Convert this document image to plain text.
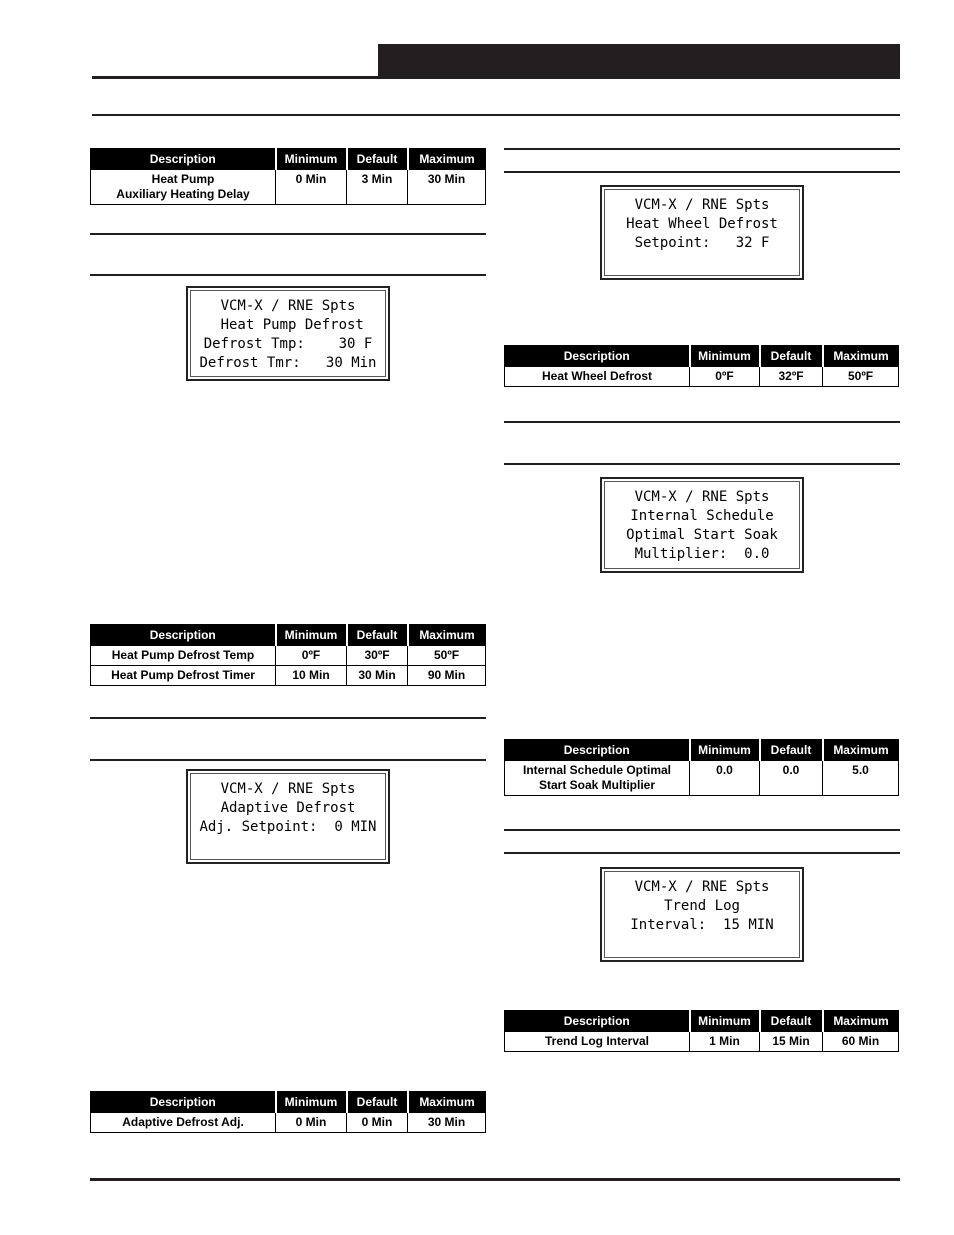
Description	Minimum	Default	Maximum

Heat Pump
Auxiliary Heating Delay	0 Min	3 Min	30 Min
VCM-X / RNE Spts
Heat Pump Defrost
Defrost Tmp:    30 F
Defrost Tmr:   30 Min
Description	Minimum	Default	Maximum

Heat Pump Defrost Temp	0ºF	30ºF	50ºF

Heat Pump Defrost Timer	10 Min	30 Min	90 Min
VCM-X / RNE Spts
Adaptive Defrost
Adj. Setpoint:  0 MIN

Description	Minimum	Default	Maximum

Adaptive Defrost Adj.	0 Min	0 Min	30 Min
VCM-X / RNE Spts
Heat Wheel Defrost
Setpoint:   32 F

Description	Minimum	Default	Maximum

Heat Wheel Defrost	0ºF	32ºF	50ºF
VCM-X / RNE Spts
Internal Schedule
Optimal Start Soak
Multiplier:  0.0
Description	Minimum	Default	Maximum

Internal Schedule Optimal
Start Soak Multiplier	0.0	0.0	5.0
VCM-X / RNE Spts
Trend Log
Interval:  15 MIN

Description	Minimum	Default	Maximum

Trend Log Interval	1 Min	15 Min	60 Min
